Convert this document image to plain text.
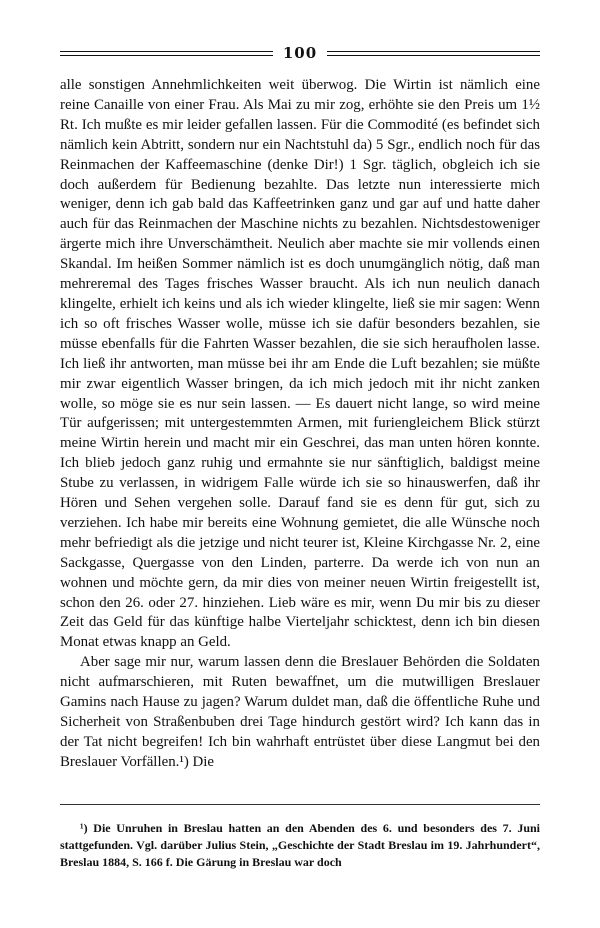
100

alle sonstigen Annehmlichkeiten weit überwog. Die Wirtin ist nämlich eine reine Canaille von einer Frau. Als Mai zu mir zog, erhöhte sie den Preis um 1½ Rt. Ich mußte es mir leider gefallen lassen. Für die Commodité (es befindet sich nämlich kein Abtritt, sondern nur ein Nachtstuhl da) 5 Sgr., endlich noch für das Reinmachen der Kaffeemaschine (denke Dir!) 1 Sgr. täglich, obgleich ich sie doch außerdem für Bedienung bezahlte. Das letzte nun interessierte mich weniger, denn ich gab bald das Kaffeetrinken ganz und gar auf und hatte daher auch für das Reinmachen der Maschine nichts zu bezahlen. Nichtsdestoweniger ärgerte mich ihre Unverschämtheit. Neulich aber machte sie mir vollends einen Skandal. Im heißen Sommer nämlich ist es doch unumgänglich nötig, daß man mehreremal des Tages frisches Wasser braucht. Als ich nun neulich danach klingelte, erhielt ich keins und als ich wieder klingelte, ließ sie mir sagen: Wenn ich so oft frisches Wasser wolle, müsse ich sie dafür besonders bezahlen, sie müsse ebenfalls für die Fahrten Wasser bezahlen, die sie sich heraufholen lasse. Ich ließ ihr antworten, man müsse bei ihr am Ende die Luft bezahlen; sie müßte mir zwar eigentlich Wasser bringen, da ich mich jedoch mit ihr nicht zanken wolle, so möge sie es nur sein lassen. — Es dauert nicht lange, so wird meine Tür aufgerissen; mit untergestemmten Armen, mit furiengleichem Blick stürzt meine Wirtin herein und macht mir ein Geschrei, das man unten hören konnte. Ich blieb jedoch ganz ruhig und ermahnte sie nur sänftiglich, baldigst meine Stube zu verlassen, in widrigem Falle würde ich sie so hinauswerfen, daß ihr Hören und Sehen vergehen solle. Darauf fand sie es denn für gut, sich zu verziehen. Ich habe mir bereits eine Wohnung gemietet, die alle Wünsche noch mehr befriedigt als die jetzige und nicht teurer ist, Kleine Kirchgasse Nr. 2, eine Sackgasse, Quergasse von den Linden, parterre. Da werde ich von nun an wohnen und möchte gern, da mir dies von meiner neuen Wirtin freigestellt ist, schon den 26. oder 27. hinziehen. Lieb wäre es mir, wenn Du mir bis zu dieser Zeit das Geld für das künftige halbe Vierteljahr schicktest, denn ich bin diesen Monat etwas knapp an Geld.

Aber sage mir nur, warum lassen denn die Breslauer Behörden die Soldaten nicht aufmarschieren, mit Ruten bewaffnet, um die mutwilligen Breslauer Gamins nach Hause zu jagen? Warum duldet man, daß die öffentliche Ruhe und Sicherheit von Straßenbuben drei Tage hindurch gestört wird? Ich kann das in der Tat nicht begreifen! Ich bin wahrhaft entrüstet über diese Langmut bei den Breslauer Vorfällen.¹) Die

¹) Die Unruhen in Breslau hatten an den Abenden des 6. und besonders des 7. Juni stattgefunden. Vgl. darüber Julius Stein, „Geschichte der Stadt Breslau im 19. Jahrhundert“, Breslau 1884, S. 166 f. Die Gärung in Breslau war doch
